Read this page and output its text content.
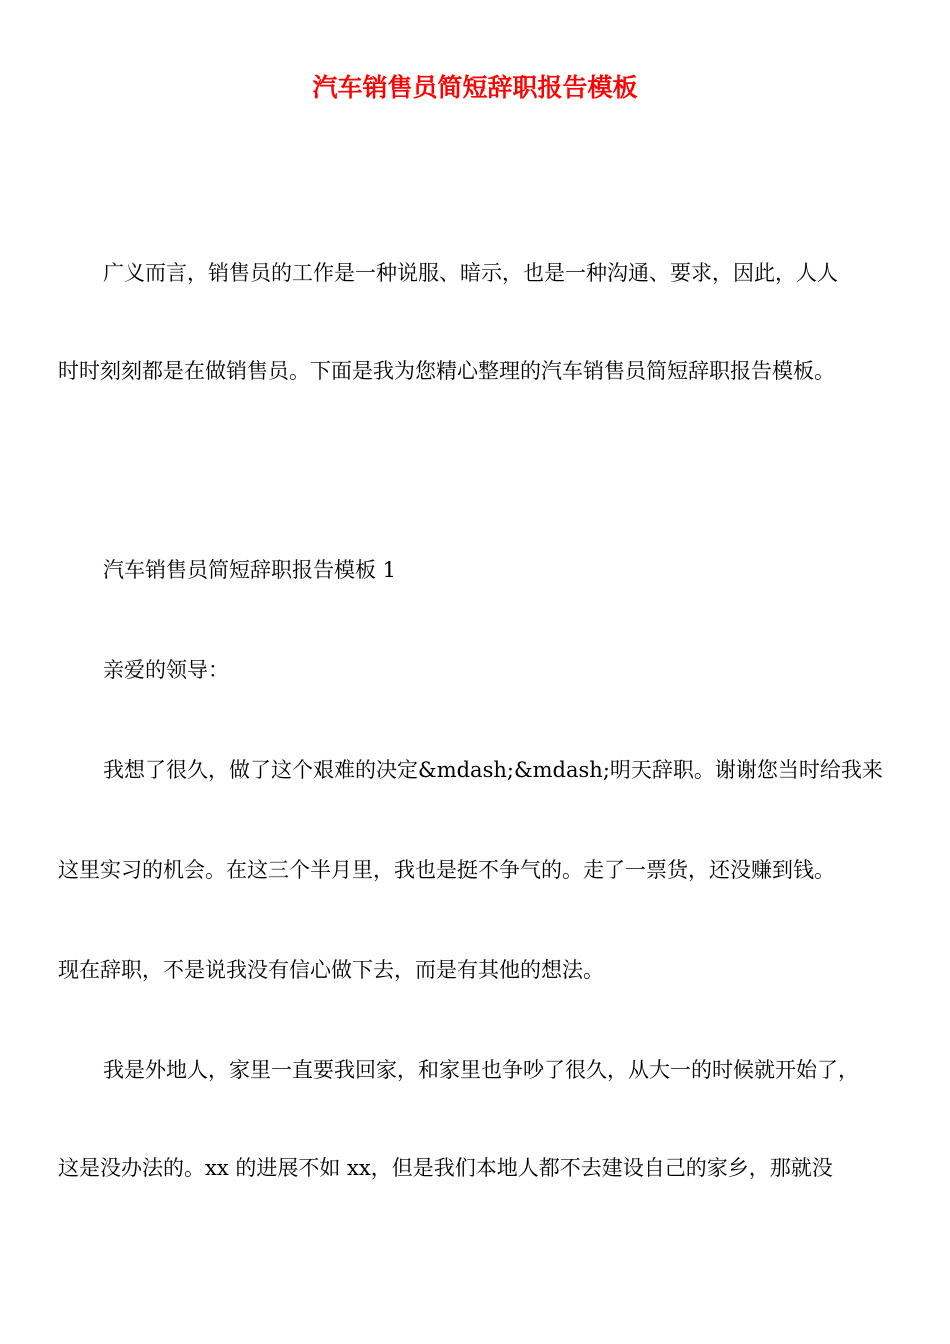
汽车销售员简短辞职报告模板
广义而言，销售员的工作是一种说服、暗示，也是一种沟通、要求，因此，人人
时时刻刻都是在做销售员。下面是我为您精心整理的汽车销售员简短辞职报告模板。
汽车销售员简短辞职报告模板 1
亲爱的领导：
我想了很久，做了这个艰难的决定&mdash;&mdash;明天辞职。谢谢您当时给我来
这里实习的机会。在这三个半月里，我也是挺不争气的。走了一票货，还没赚到钱。
现在辞职，不是说我没有信心做下去，而是有其他的想法。
我是外地人，家里一直要我回家，和家里也争吵了很久，从大一的时候就开始了，
这是没办法的。xx 的进展不如 xx，但是我们本地人都不去建设自己的家乡，那就没
